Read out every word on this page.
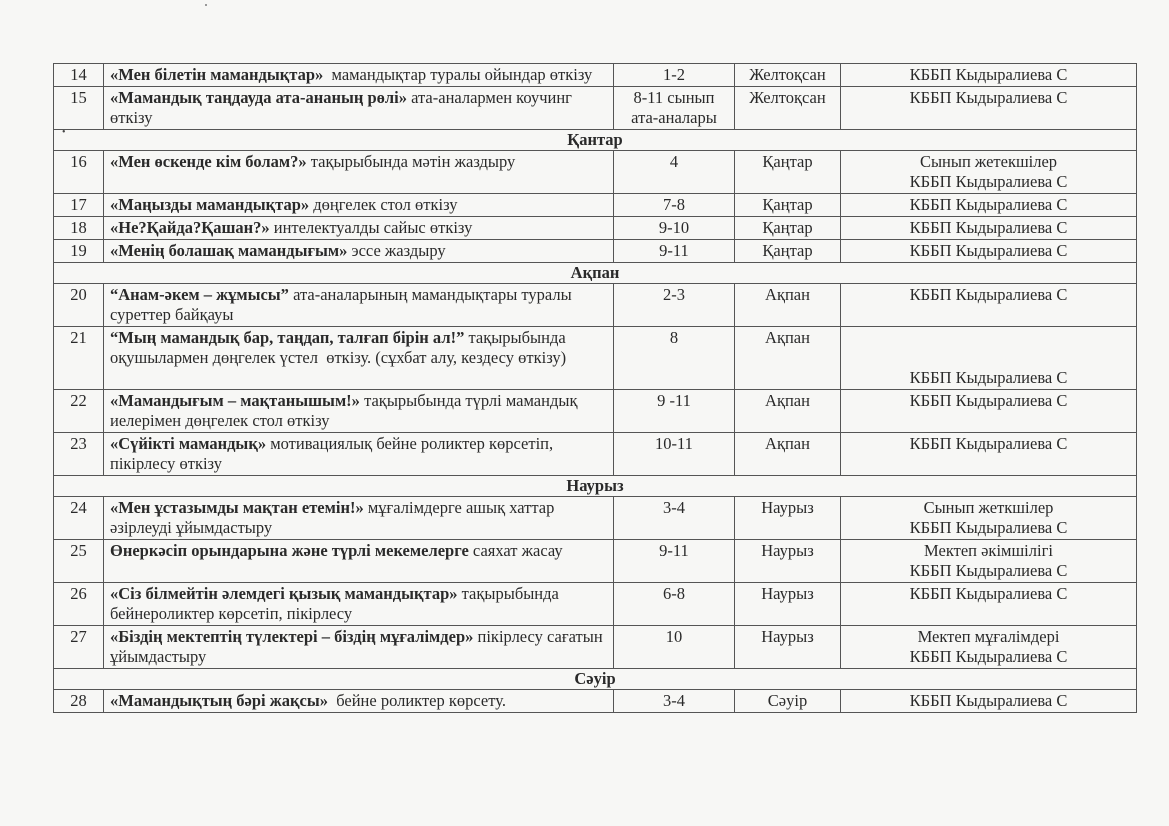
•
14	«Мен білетін мамандықтар»  мамандықтар туралы ойындар өткізу	1-2	Желтоқсан	КББП Кыдыралиева С

15	«Мамандық таңдауда ата-ананың рөлі» ата-аналармен коучинг өткізу	8-11 сынып ата-аналары	Желтоқсан	КББП Кыдыралиева С

Қантар				
16	«Мен өскенде кім болам?» тақырыбында мәтін жаздыру	4	Қаңтар	Сынып жетекшілер
КББП Кыдыралиева С

17	«Маңызды мамандықтар» дөңгелек стол өткізу	7-8	Қаңтар	КББП Кыдыралиева С

18	«Не?Қайда?Қашан?» интелектуалды сайыс өткізу	9-10	Қаңтар	КББП Кыдыралиева С

19	«Менің болашақ мамандығым» эссе жаздыру	9-11	Қаңтар	КББП Кыдыралиева С

Ақпан				
20	“Анам-әкем – жұмысы” ата-аналарының мамандықтары туралы суреттер байқауы	2-3	Ақпан	КББП Кыдыралиева С

21	“Мың мамандық бар, таңдап, талғап бірін ал!” тақырыбында оқушылармен дөңгелек үстел  өткізу. (сұхбат алу, кездесу өткізу)	8	Ақпан	КББП Кыдыралиева С

22	«Мамандығым – мақтанышым!» тақырыбында түрлі мамандық иелерімен дөңгелек стол өткізу	9 -11	Ақпан	КББП Кыдыралиева С

23	«Сүйікті мамандық» мотивациялық бейне роликтер көрсетіп, пікірлесу өткізу	10-11	Ақпан	КББП Кыдыралиева С

Наурыз				
24	«Мен ұстазымды мақтан етемін!» мұғалімдерге ашық хаттар әзірлеуді ұйымдастыру	3-4	Наурыз	Сынып жеткшілер
КББП Кыдыралиева С

25	Өнеркәсіп орындарына және түрлі мекемелерге саяхат жасау	9-11	Наурыз	Мектеп әкімшілігі
КББП Кыдыралиева С

26	«Сіз білмейтін әлемдегі қызық мамандықтар» тақырыбында бейнероликтер көрсетіп, пікірлесу	6-8	Наурыз	КББП Кыдыралиева С

27	«Біздің мектептің түлектері – біздің мұғалімдер» пікірлесу сағатын ұйымдастыру	10	Наурыз	Мектеп мұғалімдері
КББП Кыдыралиева С

Сәуір				
28	«Мамандықтың бәрі жақсы»  бейне роликтер көрсету.	3-4	Сәуір	КББП Кыдыралиева С
